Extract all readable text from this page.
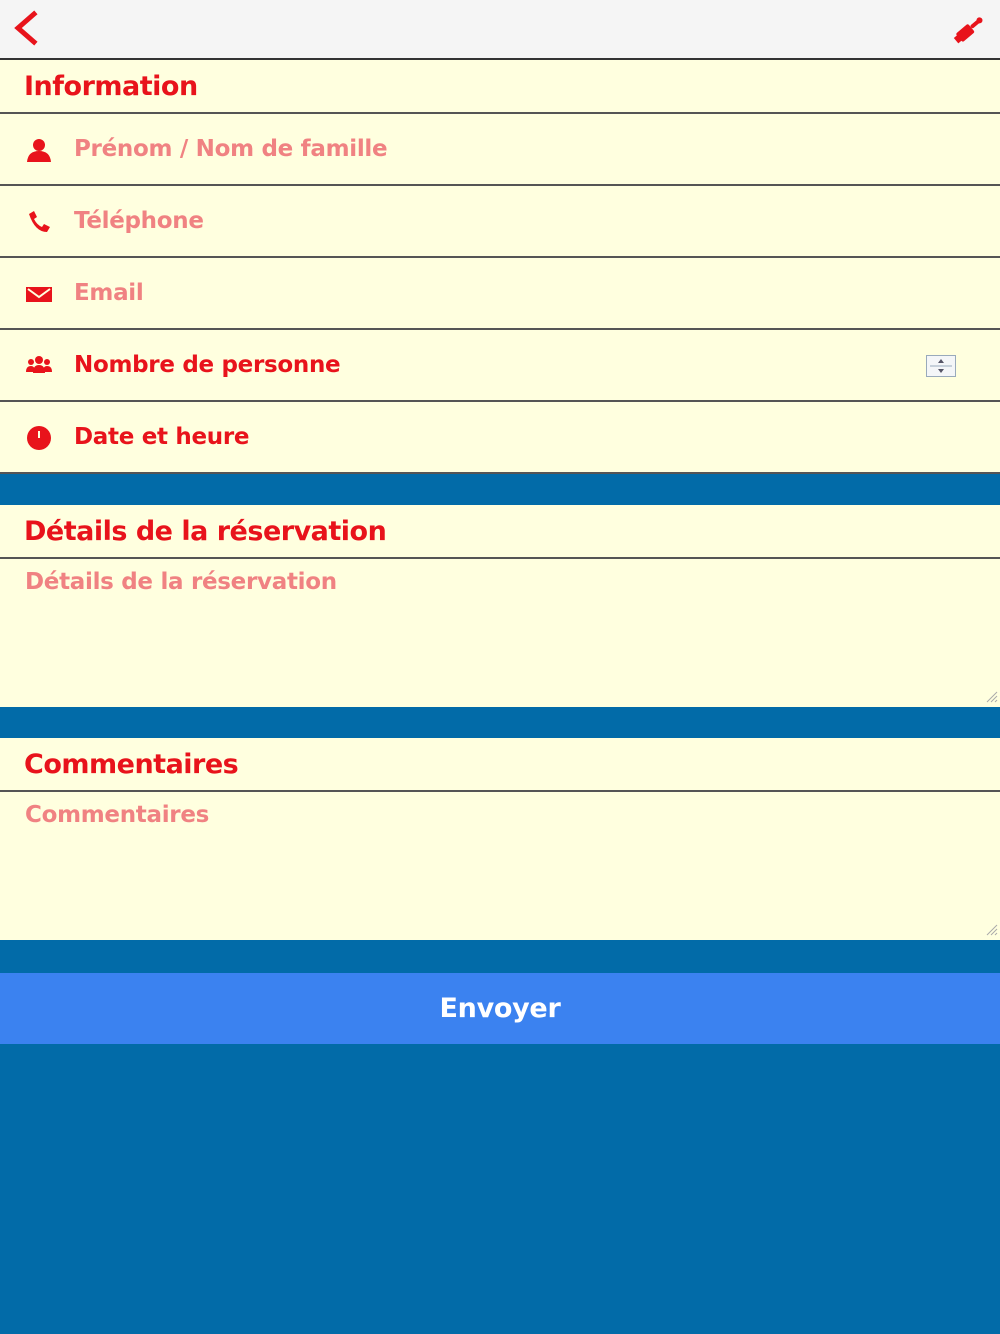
Information
Prénom / Nom de famille
Téléphone
Email
Nombre de personne
Date et heure
Détails de la réservation
Détails de la réservation
Commentaires
Commentaires
Envoyer
